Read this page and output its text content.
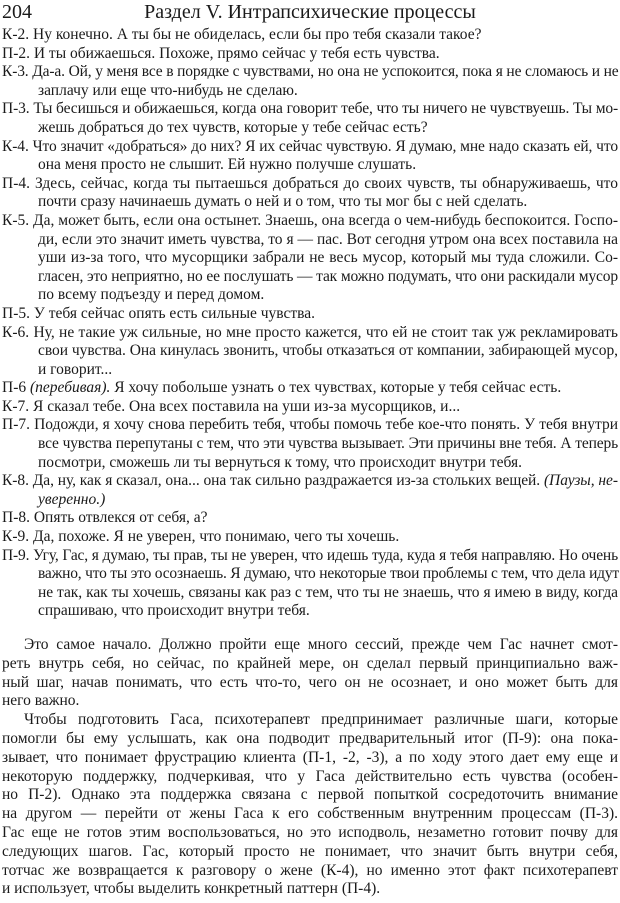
204	Раздел V. Интрапсихические процессы
К-2. Ну конечно. А ты бы не обиделась, если бы про тебя сказали такое?
П-2. И ты обижаешься. Похоже, прямо сейчас у тебя есть чувства.
К-3. Да-а. Ой, у меня все в порядке с чувствами, но она не успокоится, пока я не сломаюсь и не
заплачу или еще что-нибудь не сделаю.
П-3. Ты бесишься и обижаешься, когда она говорит тебе, что ты ничего не чувствуешь. Ты мо-
жешь добраться до тех чувств, которые у тебе сейчас есть?
К-4. Что значит «добраться» до них? Я их сейчас чувствую. Я думаю, мне надо сказать ей, что
она меня просто не слышит. Ей нужно получше слушать.
П-4. Здесь, сейчас, когда ты пытаешься добраться до своих чувств, ты обнаруживаешь, что
почти сразу начинаешь думать о ней и о том, что ты мог бы с ней сделать.
К-5. Да, может быть, если она остынет. Знаешь, она всегда о чем-нибудь беспокоится. Госпо-
ди, если это значит иметь чувства, то я — пас. Вот сегодня утром она всех поставила на
уши из-за того, что мусорщики забрали не весь мусор, который мы туда сложили. Со-
гласен, это неприятно, но ее послушать — так можно подумать, что они раскидали мусор
по всему подъезду и перед домом.
П-5. У тебя сейчас опять есть сильные чувства.
К-6. Ну, не такие уж сильные, но мне просто кажется, что ей не стоит так уж рекламировать
свои чувства. Она кинулась звонить, чтобы отказаться от компании, забирающей мусор,
и говорит...
П-6 (перебивая). Я хочу побольше узнать о тех чувствах, которые у тебя сейчас есть.
К-7. Я сказал тебе. Она всех поставила на уши из-за мусорщиков, и...
П-7. Подожди, я хочу снова перебить тебя, чтобы помочь тебе кое-что понять. У тебя внутри
все чувства перепутаны с тем, что эти чувства вызывает. Эти причины вне тебя. А теперь
посмотри, сможешь ли ты вернуться к тому, что происходит внутри тебя.
К-8. Да, ну, как я сказал, она... она так сильно раздражается из-за стольких вещей. (Паузы, не-
уверенно.)
П-8. Опять отвлекся от себя, а?
К-9. Да, похоже. Я не уверен, что понимаю, чего ты хочешь.
П-9. Угу, Гас, я думаю, ты прав, ты не уверен, что идешь туда, куда я тебя направляю. Но очень
важно, что ты это осознаешь. Я думаю, что некоторые твои проблемы с тем, что дела идут
не так, как ты хочешь, связаны как раз с тем, что ты не знаешь, что я имею в виду, когда
спрашиваю, что происходит внутри тебя.
Это самое начало. Должно пройти еще много сессий, прежде чем Гас начнет смот-
реть внутрь себя, но сейчас, по крайней мере, он сделал первый принципиально важ-
ный шаг, начав понимать, что есть что-то, чего он не осознает, и оно может быть для
него важно.
Чтобы подготовить Гаса, психотерапевт предпринимает различные шаги, которые
помогли бы ему услышать, как она подводит предварительный итог (П-9): она пока-
зывает, что понимает фрустрацию клиента (П-1, -2, -3), а по ходу этого дает ему еще и
некоторую поддержку, подчеркивая, что у Гаса действительно есть чувства (особен-
но П-2). Однако эта поддержка связана с первой попыткой сосредоточить внимание
на другом — перейти от жены Гаса к его собственным внутренним процессам (П-3).
Гас еще не готов этим воспользоваться, но это исподволь, незаметно готовит почву для
следующих шагов. Гас, который просто не понимает, что значит быть внутри себя,
тотчас же возвращается к разговору о жене (К-4), но именно этот факт психотерапевт
и использует, чтобы выделить конкретный паттерн (П-4).
